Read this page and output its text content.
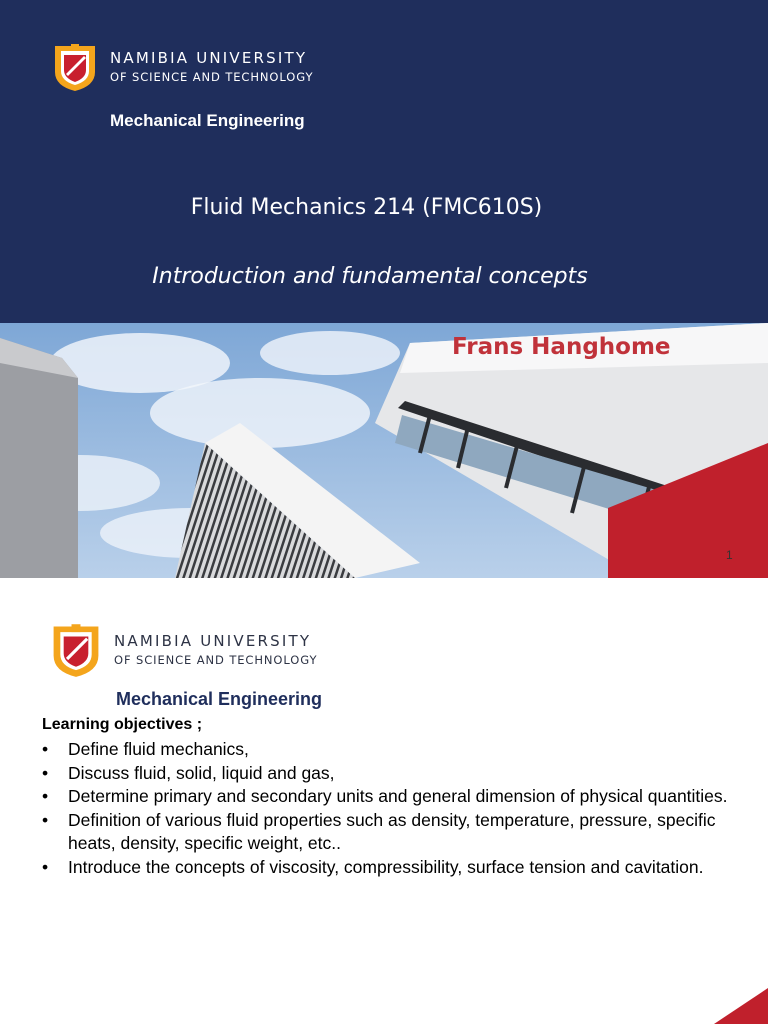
NAMIBIA UNIVERSITY
OF SCIENCE AND TECHNOLOGY
Mechanical Engineering
Fluid Mechanics 214 (FMC610S)
Introduction and fundamental concepts
Frans Hanghome
1
NAMIBIA UNIVERSITY
OF SCIENCE AND TECHNOLOGY
Mechanical Engineering
Learning objectives ;
• Define fluid mechanics,
• Discuss fluid, solid, liquid and gas,
• Determine primary and secondary units and general dimension of physical quantities.
• Definition of various fluid properties such as density, temperature, pressure, specific heats, density, specific weight, etc..
• Introduce the concepts of viscosity, compressibility, surface tension and cavitation.
